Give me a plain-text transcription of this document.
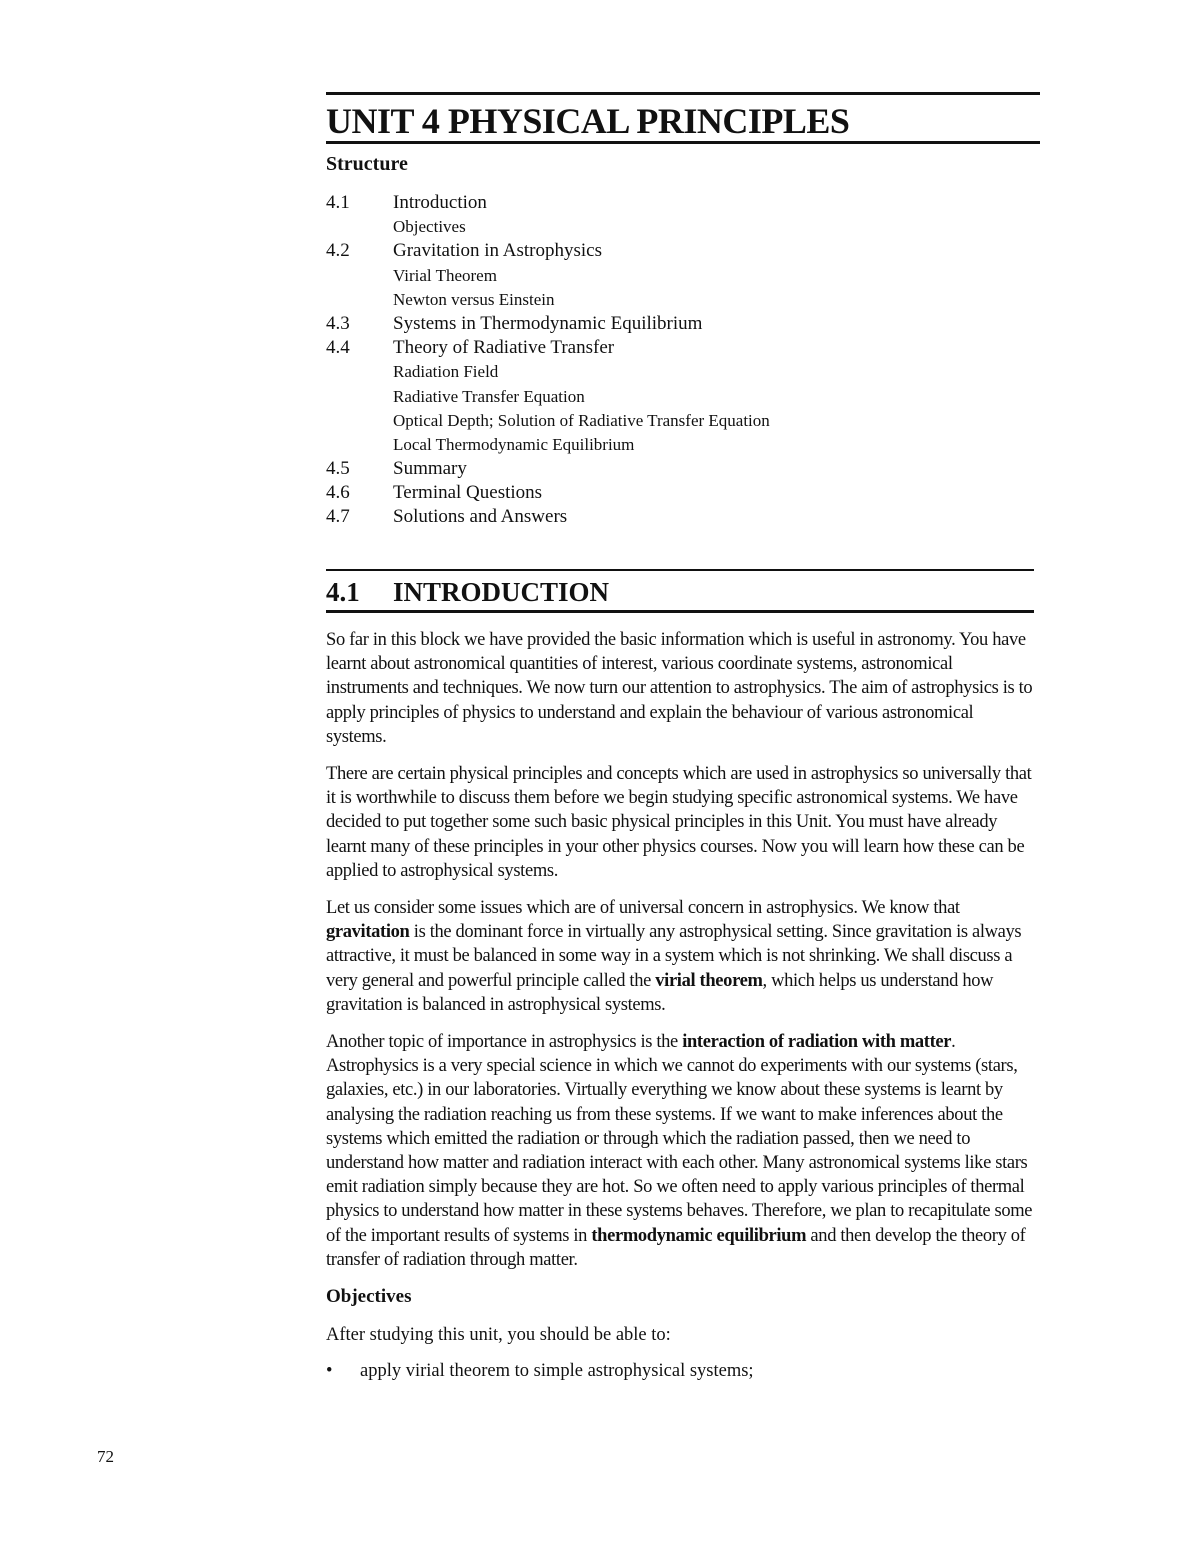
UNIT 4 PHYSICAL PRINCIPLES
Structure
4.1 Introduction
Objectives
4.2 Gravitation in Astrophysics
Virial Theorem
Newton versus Einstein
4.3 Systems in Thermodynamic Equilibrium
4.4 Theory of Radiative Transfer
Radiation Field
Radiative Transfer Equation
Optical Depth; Solution of Radiative Transfer Equation
Local Thermodynamic Equilibrium
4.5 Summary
4.6 Terminal Questions
4.7 Solutions and Answers
4.1 INTRODUCTION

So far in this block we have provided the basic information which is useful in astronomy. You have learnt about astronomical quantities of interest, various coordinate systems, astronomical instruments and techniques. We now turn our attention to astrophysics. The aim of astrophysics is to apply principles of physics to understand and explain the behaviour of various astronomical systems.

There are certain physical principles and concepts which are used in astrophysics so universally that it is worthwhile to discuss them before we begin studying specific astronomical systems. We have decided to put together some such basic physical principles in this Unit. You must have already learnt many of these principles in your other physics courses. Now you will learn how these can be applied to astrophysical systems.

Let us consider some issues which are of universal concern in astrophysics. We know that gravitation is the dominant force in virtually any astrophysical setting. Since gravitation is always attractive, it must be balanced in some way in a system which is not shrinking. We shall discuss a very general and powerful principle called the virial theorem, which helps us understand how gravitation is balanced in astrophysical systems.

Another topic of importance in astrophysics is the interaction of radiation with matter. Astrophysics is a very special science in which we cannot do experiments with our systems (stars, galaxies, etc.) in our laboratories. Virtually everything we know about these systems is learnt by analysing the radiation reaching us from these systems. If we want to make inferences about the systems which emitted the radiation or through which the radiation passed, then we need to understand how matter and radiation interact with each other. Many astronomical systems like stars emit radiation simply because they are hot. So we often need to apply various principles of thermal physics to understand how matter in these systems behaves. Therefore, we plan to recapitulate some of the important results of systems in thermodynamic equilibrium and then develop the theory of transfer of radiation through matter.

Objectives

After studying this unit, you should be able to:

• apply virial theorem to simple astrophysical systems;

72
